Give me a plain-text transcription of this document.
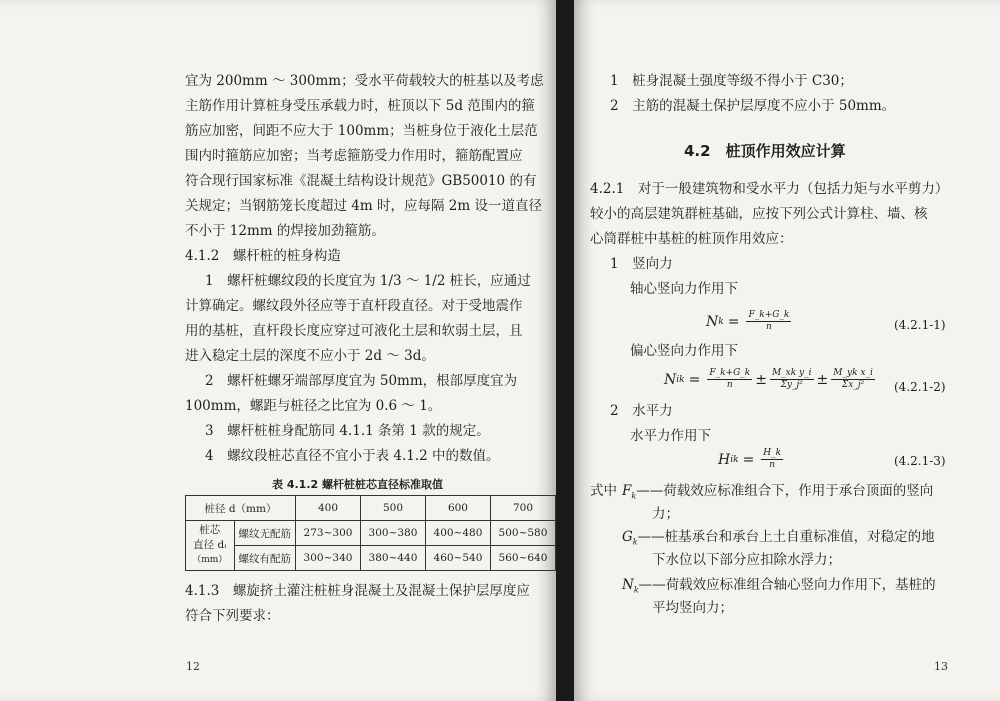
宜为 200mm ～ 300mm；受水平荷载较大的桩基以及考虑
主筋作用计算桩身受压承载力时，桩顶以下 5d 范围内的箍
筋应加密，间距不应大于 100mm；当桩身位于液化土层范
围内时箍筋应加密；当考虑箍筋受力作用时，箍筋配置应
符合现行国家标准《混凝土结构设计规范》GB50010 的有
关规定；当钢筋笼长度超过 4m 时，应每隔 2m 设一道直径
不小于 12mm 的焊接加劲箍筋。
4.1.2　螺杆桩的桩身构造
1　螺杆桩螺纹段的长度宜为 1/3 ～ 1/2 桩长，应通过
计算确定。螺纹段外径应等于直杆段直径。对于受地震作
用的基桩，直杆段长度应穿过可液化土层和软弱土层，且
进入稳定土层的深度不应小于 2d ～ 3d。
2　螺杆桩螺牙端部厚度宜为 50mm，根部厚度宜为
100mm，螺距与桩径之比宜为 0.6 ～ 1。
3　螺杆桩桩身配筋同 4.1.1 条第 1 款的规定。
4　螺纹段桩芯直径不宜小于表 4.1.2 中的数值。
表 4.1.2 螺杆桩桩芯直径标准取值
桩径 d（mm）		400	500	600	700

桩芯
直径 dᵢ
（mm）	螺纹无配筋	273~300	300~380	400~480	500~580
	螺纹有配筋	300~340	380~440	460~540	560~640
4.1.3　螺旋挤土灌注桩桩身混凝土及混凝土保护层厚度应
符合下列要求：
12
1　桩身混凝土强度等级不得小于 C30；
2　主筋的混凝土保护层厚度不应小于 50mm。
4.2　桩顶作用效应计算
4.2.1　对于一般建筑物和受水平力（包括力矩与水平剪力）
较小的高层建筑群桩基础，应按下列公式计算柱、墙、核
心筒群桩中基桩的桩顶作用效应：
1　竖向力
轴心竖向力作用下
N $k = \frac{F\_k+G\_k}{n}$	(4.2.1-1)
偏心竖向力作用下
N ik = $\frac{F\_k+G\_k}{n} \pm \frac{\text{M\_xk y\_i}}{\text{Σy\_j²}} \pm \frac{\text{M\_yk x\_i}}{\text{Σx\_j²}} (4.2.1-2)$
2　水平力
水平力作用下
H ik = $\frac{H\_k}{n}$	(4.2.1-3)
式中 $F_k——$荷载效应标准组合下，作用于承台顶面的竖向
力；
$G_k——$桩基承台和承台上土自重标准值，对稳定的地
下水位以下部分应扣除水浮力；
$N_k——$荷载效应标准组合轴心竖向力作用下，基桩的
平均竖向力；
13
